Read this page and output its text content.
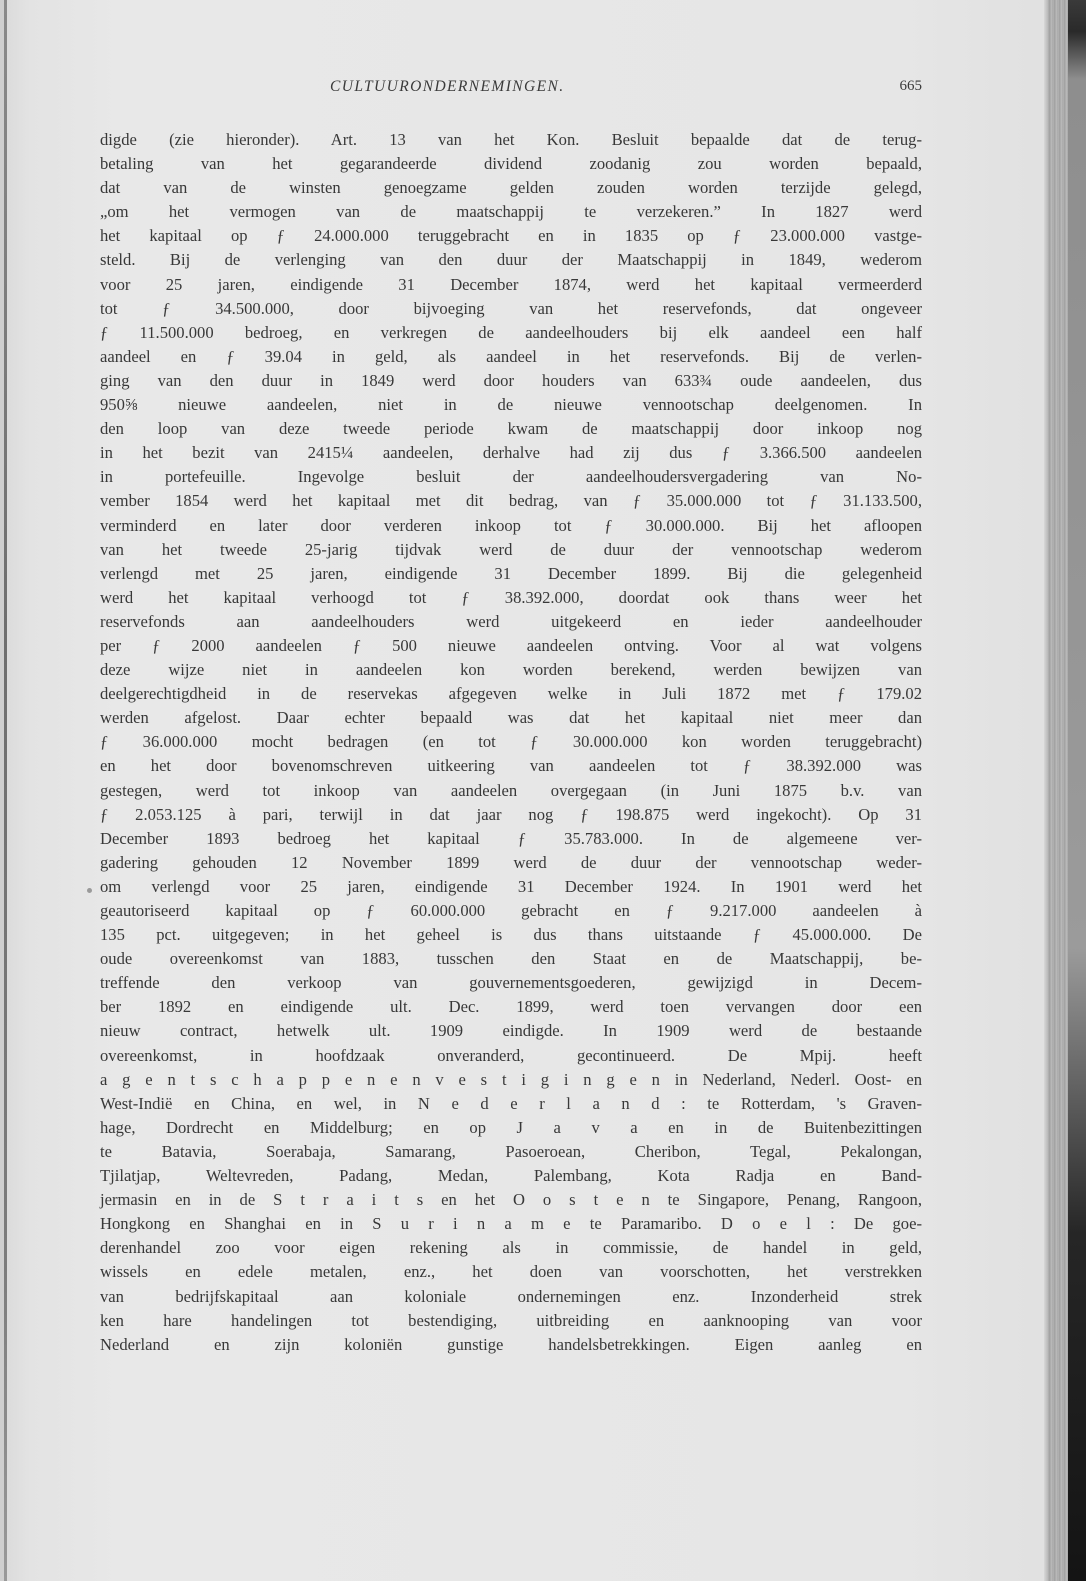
CULTUURONDERNEMINGEN.	665
digde (zie hieronder). Art. 13 van het Kon. Besluit bepaalde dat de terug-
betaling van het gegarandeerde dividend zoodanig zou worden bepaald,
dat van de winsten genoegzame gelden zouden worden terzijde gelegd,
„om het vermogen van de maatschappij te verzekeren.” In 1827 werd
het kapitaal op ƒ 24.000.000 teruggebracht en in 1835 op ƒ 23.000.000 vastge-
steld. Bij de verlenging van den duur der Maatschappij in 1849, wederom
voor 25 jaren, eindigende 31 December 1874, werd het kapitaal vermeerderd
tot ƒ 34.500.000, door bijvoeging van het reservefonds, dat ongeveer
ƒ 11.500.000 bedroeg, en verkregen de aandeelhouders bij elk aandeel een half
aandeel en ƒ 39.04 in geld, als aandeel in het reservefonds. Bij de verlen-
ging van den duur in 1849 werd door houders van 633¾ oude aandeelen, dus
950⅝ nieuwe aandeelen, niet in de nieuwe vennootschap deelgenomen. In
den loop van deze tweede periode kwam de maatschappij door inkoop nog
in het bezit van 2415¼ aandeelen, derhalve had zij dus ƒ 3.366.500 aandeelen
in portefeuille. Ingevolge besluit der aandeelhoudersvergadering van No-
vember 1854 werd het kapitaal met dit bedrag, van ƒ 35.000.000 tot ƒ 31.133.500,
verminderd en later door verderen inkoop tot ƒ 30.000.000. Bij het afloopen
van het tweede 25-jarig tijdvak werd de duur der vennootschap wederom
verlengd met 25 jaren, eindigende 31 December 1899. Bij die gelegenheid
werd het kapitaal verhoogd tot ƒ 38.392.000, doordat ook thans weer het
reservefonds aan aandeelhouders werd uitgekeerd en ieder aandeelhouder
per ƒ 2000 aandeelen ƒ 500 nieuwe aandeelen ontving. Voor al wat volgens
deze wijze niet in aandeelen kon worden berekend, werden bewijzen van
deelgerechtigdheid in de reservekas afgegeven welke in Juli 1872 met ƒ 179.02
werden afgelost. Daar echter bepaald was dat het kapitaal niet meer dan
ƒ 36.000.000 mocht bedragen (en tot ƒ 30.000.000 kon worden teruggebracht)
en het door bovenomschreven uitkeering van aandeelen tot ƒ 38.392.000 was
gestegen, werd tot inkoop van aandeelen overgegaan (in Juni 1875 b.v. van
ƒ 2.053.125 à pari, terwijl in dat jaar nog ƒ 198.875 werd ingekocht). Op 31
December 1893 bedroeg het kapitaal ƒ 35.783.000. In de algemeene ver-
gadering gehouden 12 November 1899 werd de duur der vennootschap weder-
om verlengd voor 25 jaren, eindigende 31 December 1924. In 1901 werd het
geautoriseerd kapitaal op ƒ 60.000.000 gebracht en ƒ 9.217.000 aandeelen à
135 pct. uitgegeven; in het geheel is dus thans uitstaande ƒ 45.000.000. De
oude overeenkomst van 1883, tusschen den Staat en de Maatschappij, be-
treffende den verkoop van gouvernementsgoederen, gewijzigd in Decem-
ber 1892 en eindigende ult. Dec. 1899, werd toen vervangen door een
nieuw contract, hetwelk ult. 1909 eindigde. In 1909 werd de bestaande
overeenkomst, in hoofdzaak onveranderd, gecontinueerd. De Mpij. heeft
a g e n t s c h a p p e n e n v e s t i g i n g e n in Nederland, Nederl. Oost- en
West-Indië en China, en wel, in N e d e r l a n d : te Rotterdam, 's Graven-
hage, Dordrecht en Middelburg; en op J a v a en in de Buitenbezittingen
te Batavia, Soerabaja, Samarang, Pasoeroean, Cheribon, Tegal, Pekalongan,
Tjilatjap, Weltevreden, Padang, Medan, Palembang, Kota Radja en Band-
jermasin en in de S t r a i t s en het O o s t e n te Singapore, Penang, Rangoon,
Hongkong en Shanghai en in S u r i n a m e te Paramaribo. D o e l : De goe-
derenhandel zoo voor eigen rekening als in commissie, de handel in geld,
wissels en edele metalen, enz., het doen van voorschotten, het verstrekken
van bedrijfskapitaal aan koloniale ondernemingen enz. Inzonderheid strek
ken hare handelingen tot bestendiging, uitbreiding en aanknooping van voor
Nederland en zijn koloniën gunstige handelsbetrekkingen. Eigen aanleg en
